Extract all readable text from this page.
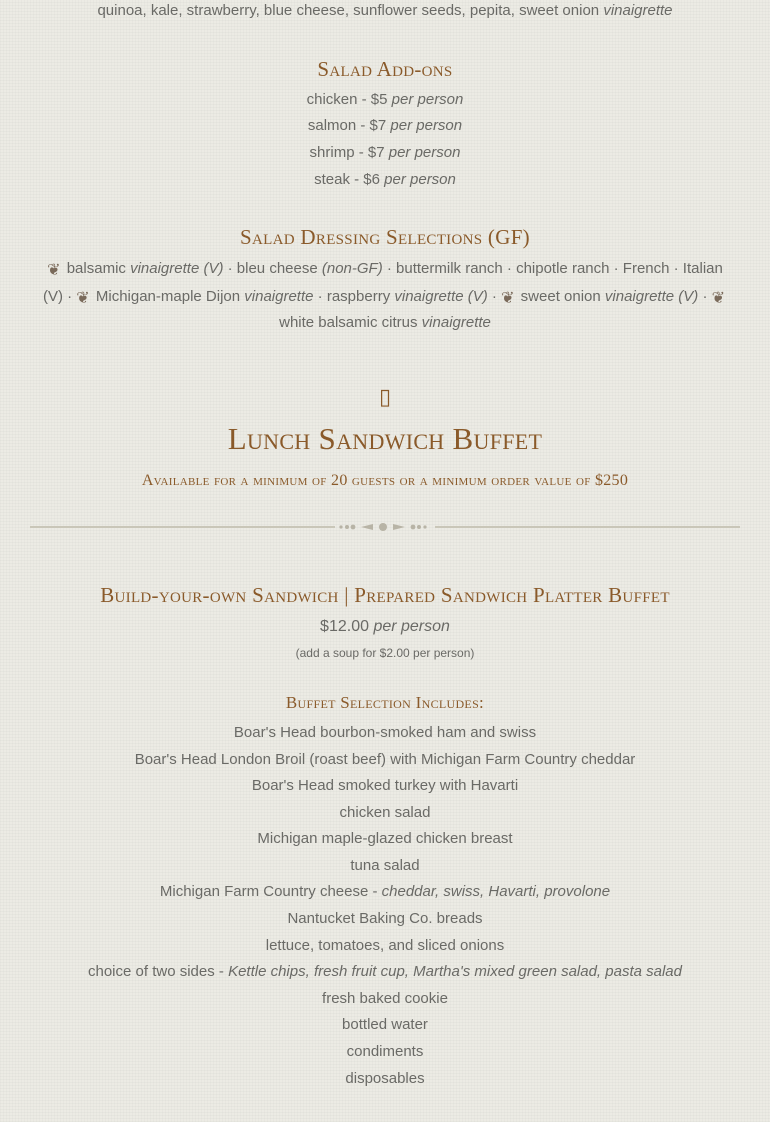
quinoa, kale, strawberry, blue cheese, sunflower seeds, pepita, sweet onion vinaigrette
Salad Add-ons
chicken - $5 per person
salmon - $7 per person
shrimp - $7 per person
steak - $6 per person
Salad Dressing Selections (GF)
❦ balsamic vinaigrette (V) · bleu cheese (non-GF) · buttermilk ranch · chipotle ranch · French · Italian
(V) · ❦ Michigan-maple Dijon vinaigrette · raspberry vinaigrette (V) · ❦ sweet onion vinaigrette (V) · ❦
white balsamic citrus vinaigrette
▯
Lunch Sandwich Buffet
Available for a minimum of 20 guests or a minimum order value of $250
Build-your-own Sandwich | Prepared Sandwich Platter Buffet
$12.00 per person
(add a soup for $2.00 per person)
Buffet Selection Includes:
Boar's Head bourbon-smoked ham and swiss
Boar's Head London Broil (roast beef) with Michigan Farm Country cheddar
Boar's Head smoked turkey with Havarti
chicken salad
Michigan maple-glazed chicken breast
tuna salad
Michigan Farm Country cheese - cheddar, swiss, Havarti, provolone
Nantucket Baking Co. breads
lettuce, tomatoes, and sliced onions
choice of two sides - Kettle chips, fresh fruit cup, Martha's mixed green salad, pasta salad
fresh baked cookie
bottled water
condiments
disposables
